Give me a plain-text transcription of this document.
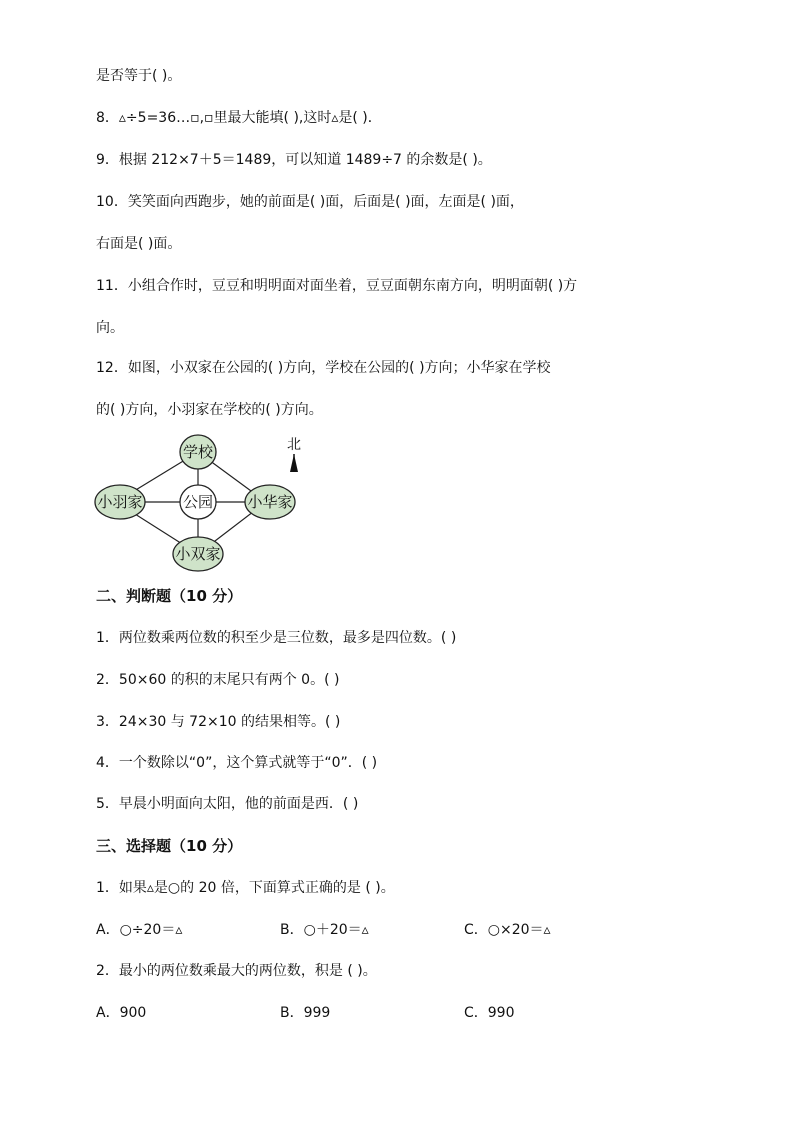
是否等于( )。
8．▵÷5=36…▫,▫里最大能填( ),这时▵是( )．
9．根据 212×7＋5＝1489，可以知道 1489÷7 的余数是( )。
10．笑笑面向西跑步，她的前面是( )面，后面是( )面，左面是( )面，
右面是( )面。
11．小组合作时，豆豆和明明面对面坐着，豆豆面朝东南方向，明明面朝( )方
向。
12．如图，小双家在公园的( )方向，学校在公园的( )方向；小华家在学校
的( )方向，小羽家在学校的( )方向。
学校
公园
小羽家	小华家
小双家
北
二、判断题（10 分）
1．两位数乘两位数的积至少是三位数，最多是四位数。( )
2．50×60 的积的末尾只有两个 0。( )
3．24×30 与 72×10 的结果相等。( )
4．一个数除以“0”，这个算式就等于“0”．( )
5．早晨小明面向太阳，他的前面是西．( )
三、选择题（10 分）
1．如果▵是○的 20 倍，下面算式正确的是 ( )。
A．○÷20＝▵	B．○＋20＝▵	C．○×20＝▵
2．最小的两位数乘最大的两位数，积是 ( )。
A．900	B．999	C．990
